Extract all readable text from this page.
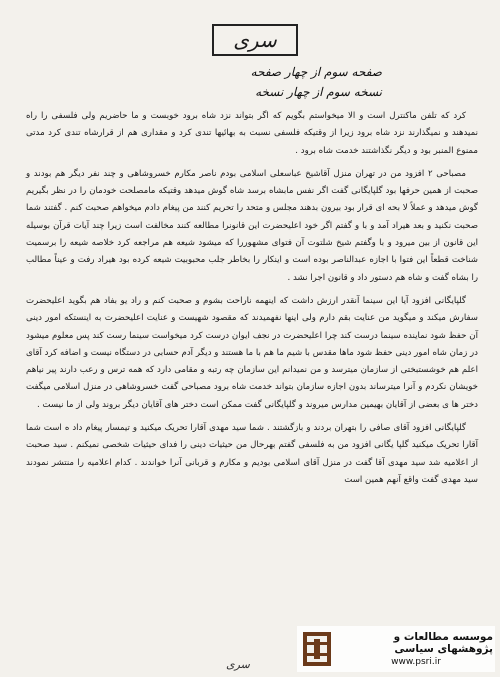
سری
صفحه سوم از چهار صفحه
نسخه سوم از چهار نسخه

کرد که تلفن ماکنترل است و الا میخواستم بگویم که اگر بتواند نزد شاه برود خوبست و ما حاضریم ولی فلسفی را راه نمیدهند و نمیگذارند نزد شاه برود زیرا از وقتیکه فلسفی نسبت به بهائیها تندی کرد و مقداری هم از قرارشاه تندی کرد مدتی ممنوع المنبر بود و دیگر نگذاشتند خدمت شاه برود .

مصباحی ۲ افزود من در تهران منزل آقاشیخ عباسعلی اسلامی بودم ناصر مکارم خسروشاهی و چند نفر دیگر هم بودند و صحبت از همین حرفها بود گلپایگانی گفت اگر نفس مابشاه برسد شاه گوش میدهد وقتیکه مامصلحت خودمان را در نظر بگیریم گوش میدهد و عملاً لا بحه ای قرار بود بیرون بدهند مجلس و متحد را تحریم کنند من پیغام دادم میخواهم صحبت کنم . گفتند شما صحبت نکنید و بعد هیراد آمد و با و گفتم اگر خود اعلیحضرت این قانونرا مطالعه کنند مخالفت است زیرا چند آیات قرآن بوسیله این قانون از بین میرود و با وگفتم شیخ شلتوت آن فتوای مشهوررا که میشود شیعه هم مراجعه کرد خلاصه شیعه را برسمیت شناخت قطعاً این فتوا با اجازه عبدالناصر بوده است و اینکار را بخاطر جلب محبوبیت شیعه کرده بود هیراد رفت و عیناً مطالب را بشاه گفت و شاه هم دستور داد و قانون اجرا نشد .

گلپایگانی افزود آیا این سینما آنقدر ارزش داشت که اینهمه ناراحت بشوم و صحبت کنم و راد یو بفاد هم بگوید اعلیحضرت سفارش میکند و میگوید من عنایت بقم دارم ولی اینها نفهمیدند که مقصود شهیست و عنایت اعلیحضرت به اینستکه امور دینی آن حفظ شود نماینده سینما درست کند چرا اعلیحضرت در نجف ایوان درست کرد میخواست سینما رست کند پس معلوم میشود در زمان شاه امور دینی حفظ شود ماها مقدس با شیم ما هم با ما هستند و دیگر آدم حسابی در دستگاه نیست و اضافه کرد آقای اعلم هم خوشستبختی از سازمان میترسد و من نمیدانم این سازمان چه رتبه و مقامی دارد که همه ترس و رعب دارند پیر نیاهم خویشان نکردم و آنرا میترساند بدون اجازه سازمان بتواند خدمت شاه برود مصباحی گفت خسروشاهی در منزل اسلامی میگفت دختر ها ی بعضی از آقایان بهیمین مدارس میروند و گلپایگانی گفت ممکن است دختر های آقایان دیگر بروند ولی از ما نیست .

گلپایگانی افزود آقای صافی را بتهران بردند و بازگشتند . شما سید مهدی آقارا تحریک میکنید و تیمسار پیغام داد ه است شما آقارا تحریک میکنید گلپا یگانی افزود من به فلسفی گفتم بهرحال من حیثیات دینی را فدای حیثیات شخصی نمیکنم . سید صحبت از اعلامیه شد سید مهدی آقا گفت در منزل آقای اسلامی بودیم و مکارم و قربانی آنرا خواندند . کدام اعلامیه را منتشر نمودند سید مهدی گفت واقع آنهم همین است

سری
موسسه مطالعات و پژوهشهای سیاسی
www.psri.ir
